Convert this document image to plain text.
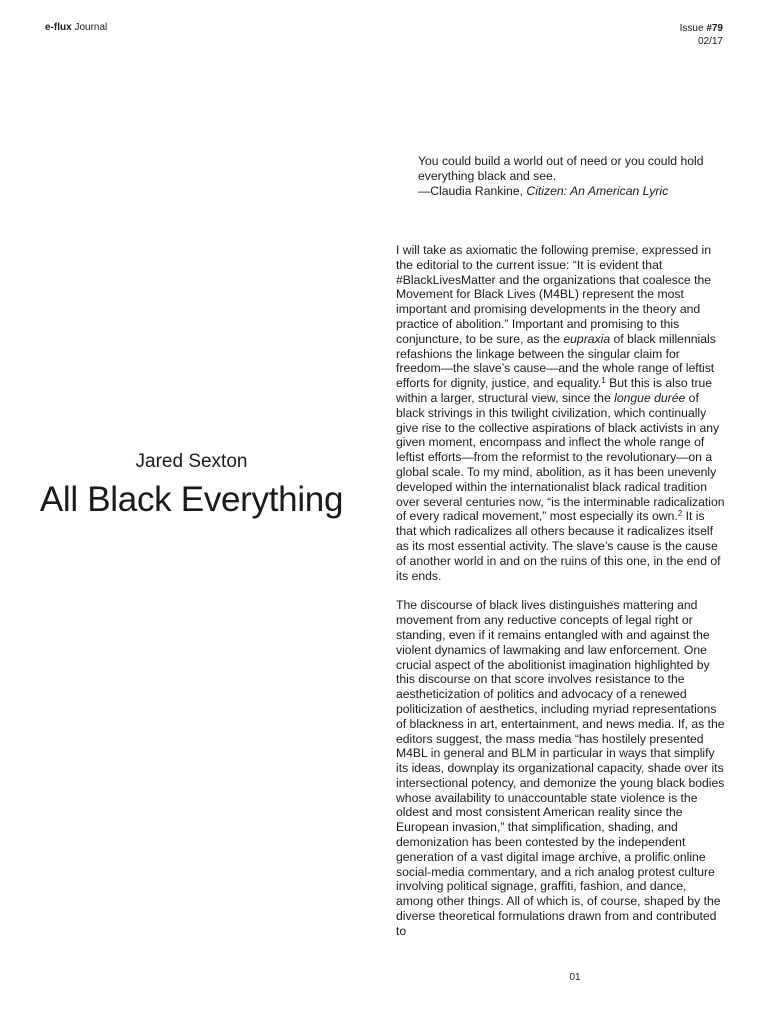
e-flux Journal	Issue #79
02/17
You could build a world out of need or you could hold everything black and see.
—Claudia Rankine, Citizen: An American Lyric
Jared Sexton
All Black Everything

I will take as axiomatic the following premise, expressed in the editorial to the current issue: “It is evident that #BlackLivesMatter and the organizations that coalesce the Movement for Black Lives (M4BL) represent the most important and promising developments in the theory and practice of abolition.” Important and promising to this conjuncture, to be sure, as the eupraxia of black millennials refashions the linkage between the singular claim for freedom—the slave’s cause—and the whole range of leftist efforts for dignity, justice, and equality.$^1$ But this is also true within a larger, structural view, since the longue durée of black strivings in this twilight civilization, which continually give rise to the collective aspirations of black activists in any given moment, encompass and inflect the whole range of leftist efforts—from the reformist to the revolutionary—on a global scale. To my mind, abolition, as it has been unevenly developed within the internationalist black radical tradition over several centuries now, “is the interminable radicalization of every radical movement,” most especially its own.$^2$ It is that which radicalizes all others because it radicalizes itself as its most essential activity. The slave’s cause is the cause of another world in and on the ruins of this one, in the end of its ends.

The discourse of black lives distinguishes mattering and movement from any reductive concepts of legal right or standing, even if it remains entangled with and against the violent dynamics of lawmaking and law enforcement. One crucial aspect of the abolitionist imagination highlighted by this discourse on that score involves resistance to the aestheticization of politics and advocacy of a renewed politicization of aesthetics, including myriad representations of blackness in art, entertainment, and news media. If, as the editors suggest, the mass media “has hostilely presented M4BL in general and BLM in particular in ways that simplify its ideas, downplay its organizational capacity, shade over its intersectional potency, and demonize the young black bodies whose availability to unaccountable state violence is the oldest and most consistent American reality since the European invasion,” that simplification, shading, and demonization has been contested by the independent generation of a vast digital image archive, a prolific online social-media commentary, and a rich analog protest culture involving political signage, graffiti, fashion, and dance, among other things. All of which is, of course, shaped by the diverse theoretical formulations drawn from and contributed to

01
